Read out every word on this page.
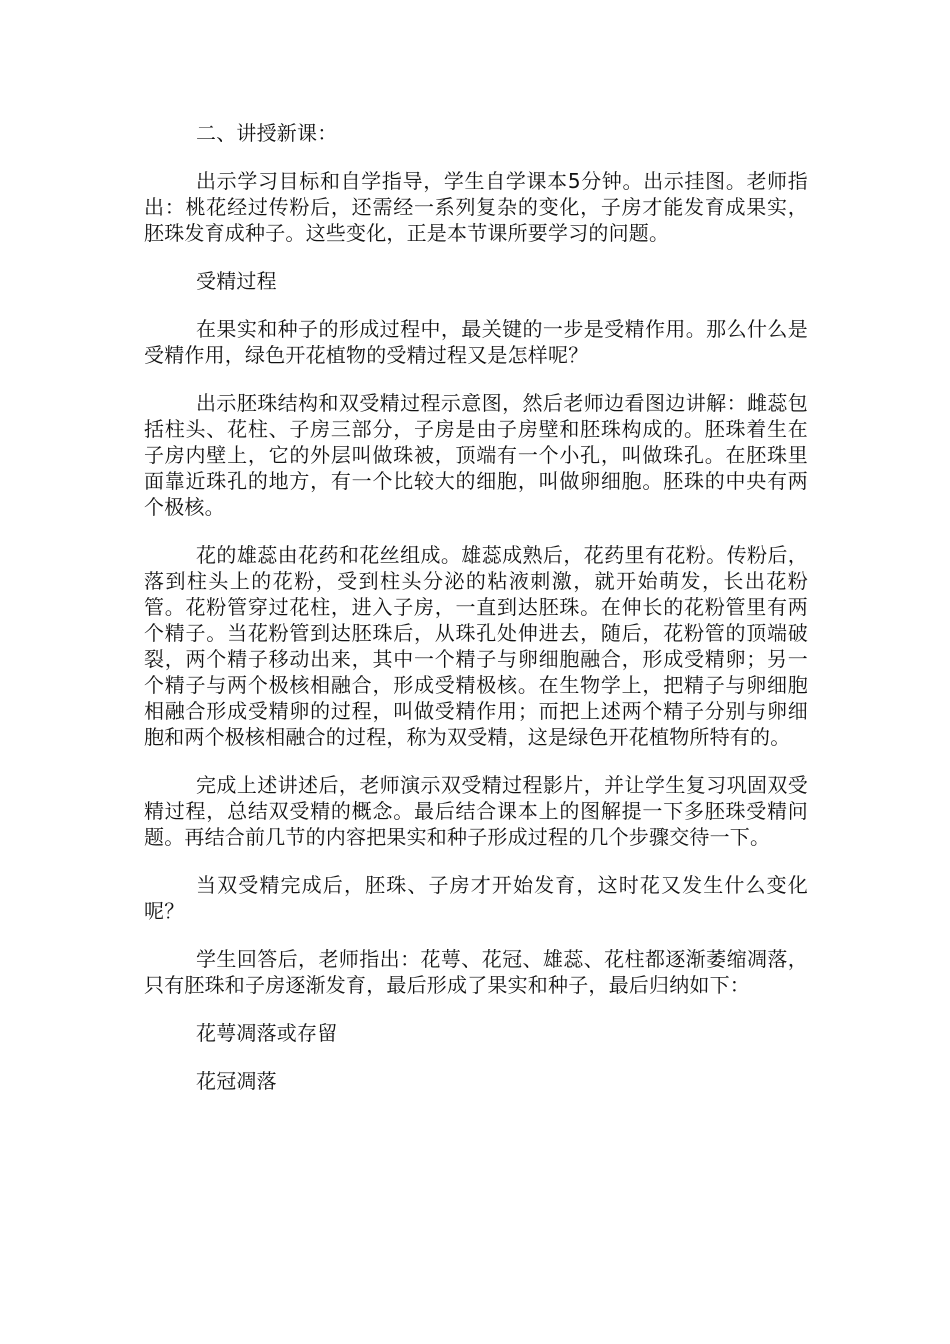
二、讲授新课：

出示学习目标和自学指导，学生自学课本5分钟。出示挂图。老师指出：桃花经过传粉后，还需经一系列复杂的变化，子房才能发育成果实，胚珠发育成种子。这些变化，正是本节课所要学习的问题。

受精过程

在果实和种子的形成过程中，最关键的一步是受精作用。那么什么是受精作用，绿色开花植物的受精过程又是怎样呢？

出示胚珠结构和双受精过程示意图，然后老师边看图边讲解：雌蕊包括柱头、花柱、子房三部分，子房是由子房壁和胚珠构成的。胚珠着生在子房内壁上，它的外层叫做珠被，顶端有一个小孔，叫做珠孔。在胚珠里面靠近珠孔的地方，有一个比较大的细胞，叫做卵细胞。胚珠的中央有两个极核。

花的雄蕊由花药和花丝组成。雄蕊成熟后，花药里有花粉。传粉后，落到柱头上的花粉，受到柱头分泌的粘液刺激，就开始萌发，长出花粉管。花粉管穿过花柱，进入子房，一直到达胚珠。在伸长的花粉管里有两个精子。当花粉管到达胚珠后，从珠孔处伸进去，随后，花粉管的顶端破裂，两个精子移动出来，其中一个精子与卵细胞融合，形成受精卵；另一个精子与两个极核相融合，形成受精极核。在生物学上，把精子与卵细胞相融合形成受精卵的过程，叫做受精作用；而把上述两个精子分别与卵细胞和两个极核相融合的过程，称为双受精，这是绿色开花植物所特有的。

完成上述讲述后，老师演示双受精过程影片，并让学生复习巩固双受精过程，总结双受精的概念。最后结合课本上的图解提一下多胚珠受精问题。再结合前几节的内容把果实和种子形成过程的几个步骤交待一下。

当双受精完成后，胚珠、子房才开始发育，这时花又发生什么变化呢？

学生回答后，老师指出：花萼、花冠、雄蕊、花柱都逐渐萎缩凋落，只有胚珠和子房逐渐发育，最后形成了果实和种子，最后归纳如下：

花萼凋落或存留

花冠凋落
